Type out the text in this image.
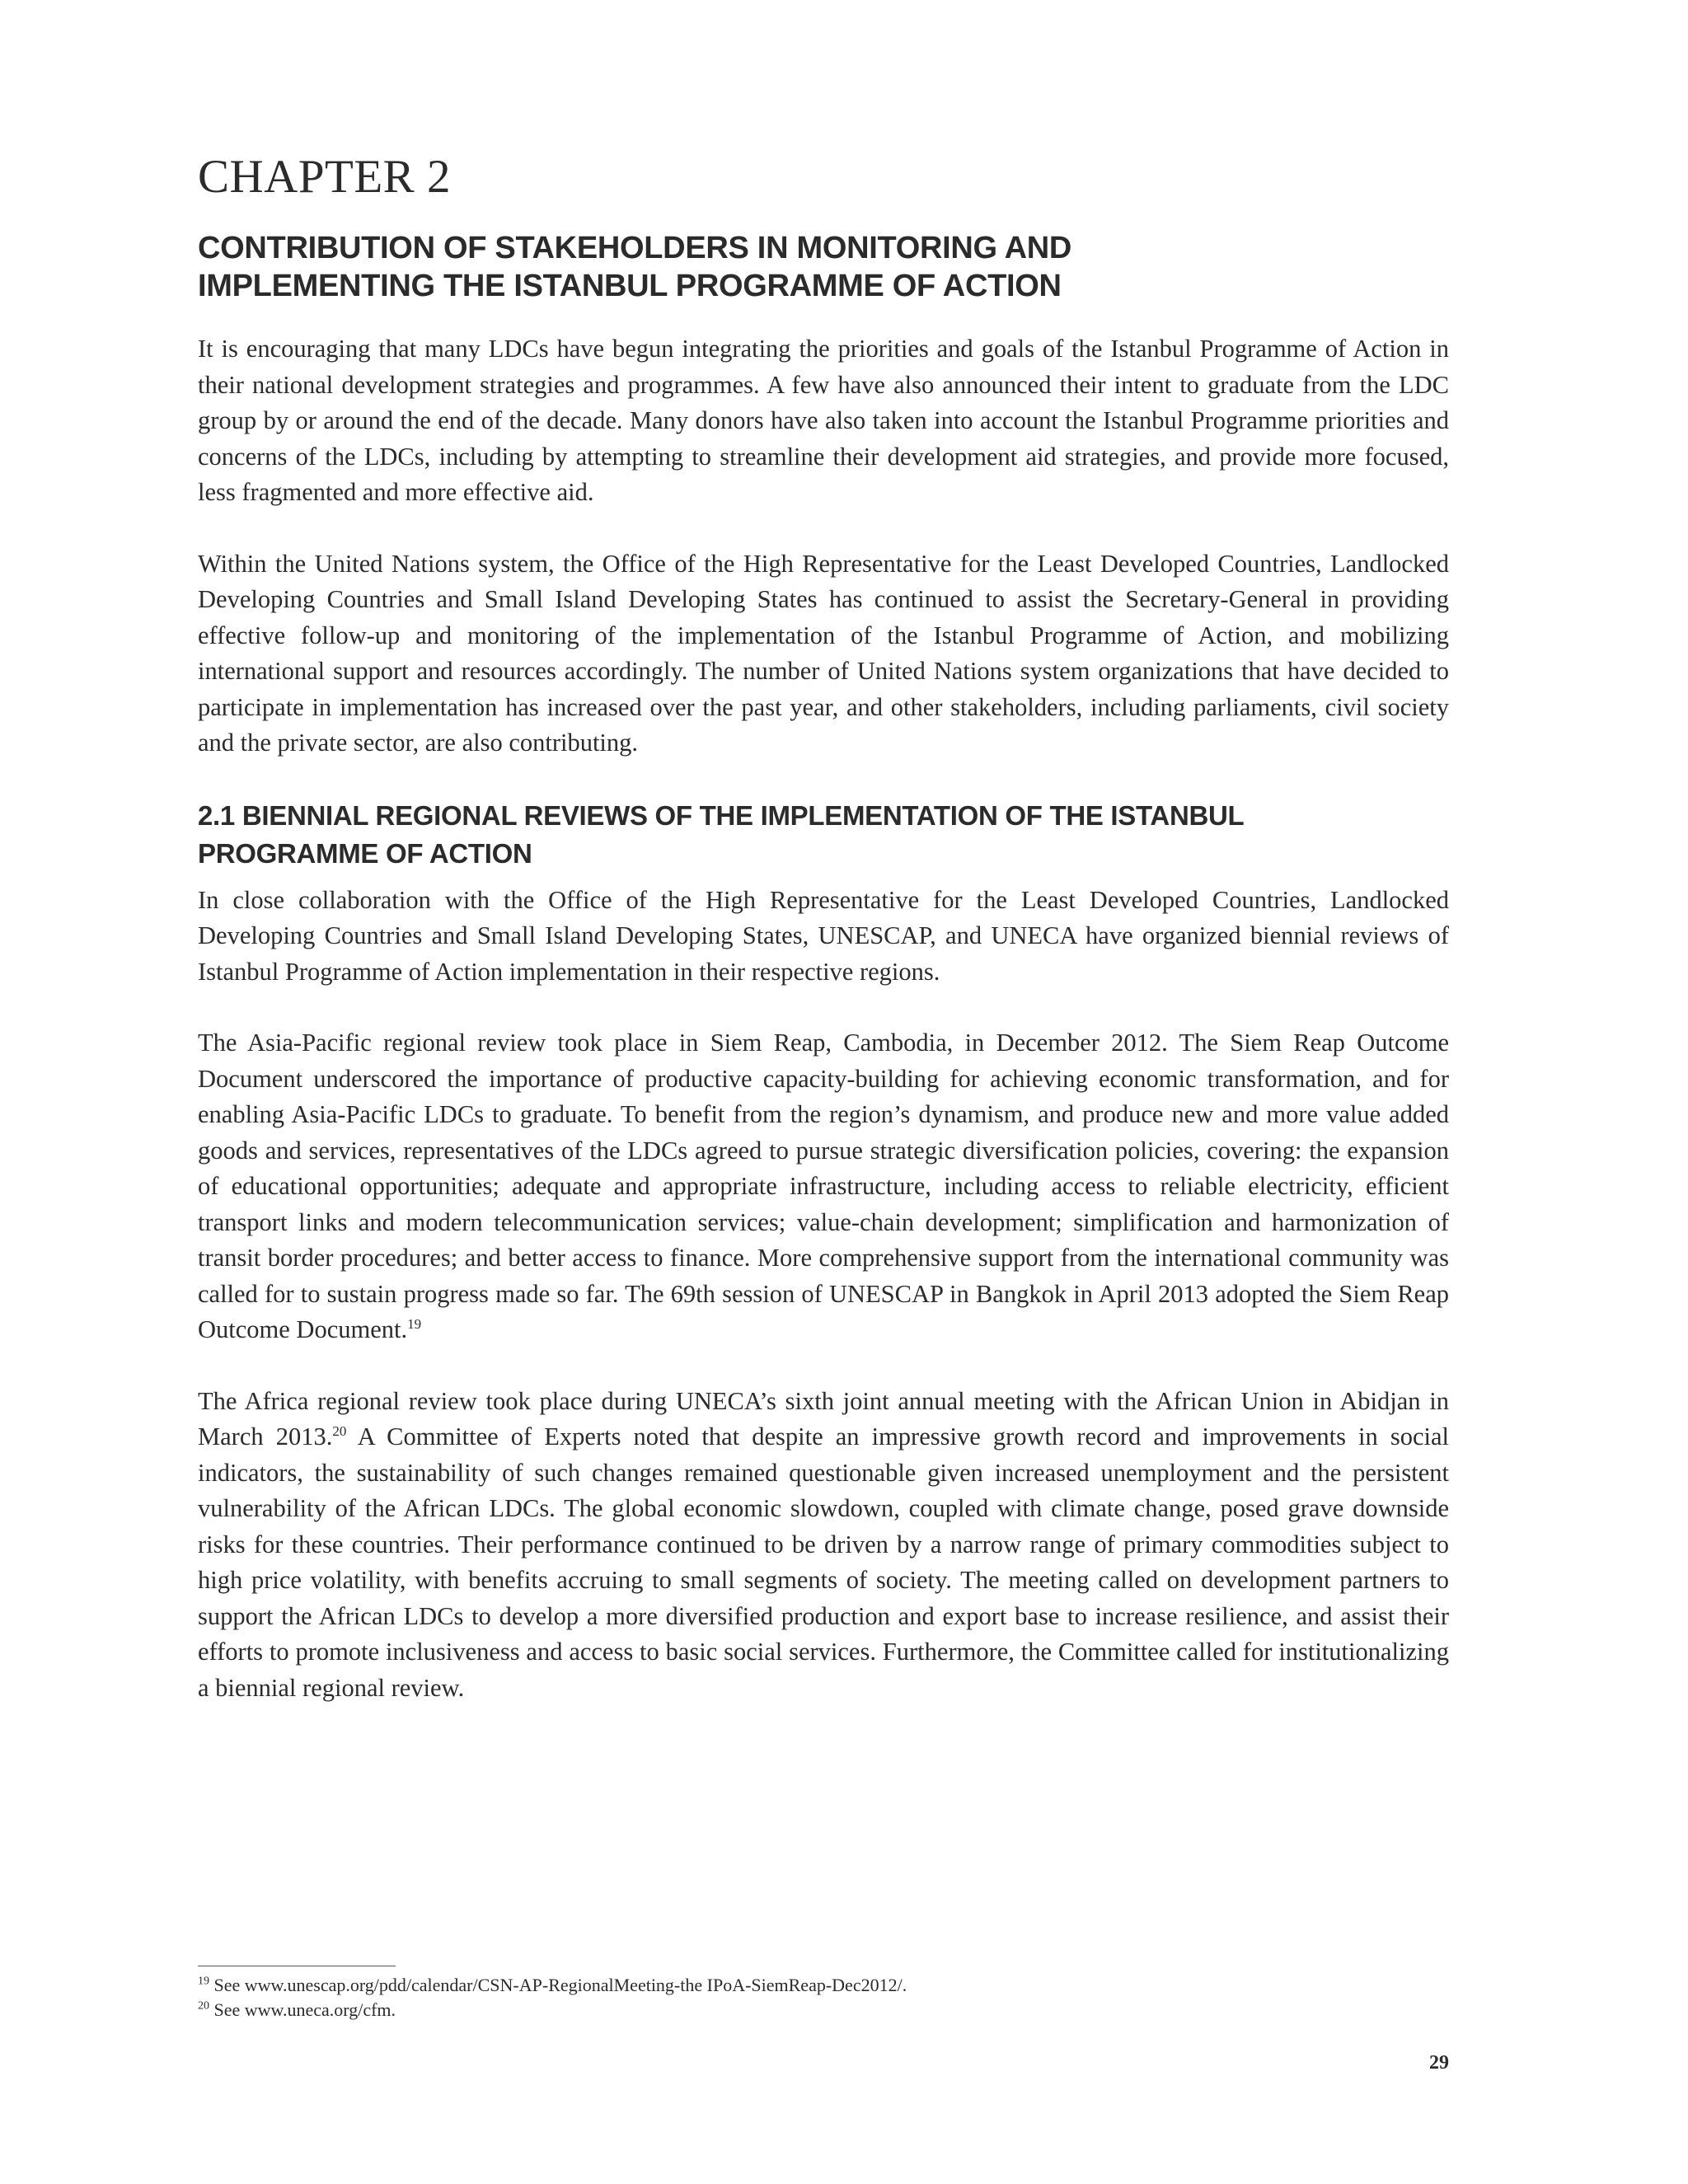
CHAPTER 2
CONTRIBUTION OF STAKEHOLDERS IN MONITORING AND
IMPLEMENTING THE ISTANBUL PROGRAMME OF ACTION

It is encouraging that many LDCs have begun integrating the priorities and goals of the Istanbul Programme of Action in their national development strategies and programmes. A few have also announced their intent to graduate from the LDC group by or around the end of the decade. Many donors have also taken into account the Istanbul Programme priorities and concerns of the LDCs, including by attempting to streamline their development aid strategies, and provide more focused, less fragmented and more effective aid.

Within the United Nations system, the Office of the High Representative for the Least Developed Countries, Landlocked Developing Countries and Small Island Developing States has continued to assist the Secretary-General in providing effective follow-up and monitoring of the implementation of the Istanbul Programme of Action, and mobilizing international support and resources accordingly. The number of United Nations system organizations that have decided to participate in implementation has increased over the past year, and other stakeholders, including parliaments, civil society and the private sector, are also contributing.

2.1 BIENNIAL REGIONAL REVIEWS OF THE IMPLEMENTATION OF THE ISTANBUL
PROGRAMME OF ACTION

In close collaboration with the Office of the High Representative for the Least Developed Countries, Landlocked Developing Countries and Small Island Developing States, UNESCAP, and UNECA have organized biennial reviews of Istanbul Programme of Action implementation in their respective regions.

The Asia-Pacific regional review took place in Siem Reap, Cambodia, in December 2012. The Siem Reap Outcome Document underscored the importance of productive capacity-building for achieving economic transformation, and for enabling Asia-Pacific LDCs to graduate. To benefit from the region’s dynamism, and produce new and more value added goods and services, representatives of the LDCs agreed to pursue strategic diversification policies, covering: the expansion of educational opportunities; adequate and appropriate infrastructure, including access to reliable electricity, efficient transport links and modern telecommunication services; value-chain development; simplification and harmonization of transit border procedures; and better access to finance. More comprehensive support from the international community was called for to sustain progress made so far. The 69th session of UNESCAP in Bangkok in April 2013 adopted the Siem Reap Outcome Document.$^{19}$

The Africa regional review took place during UNECA’s sixth joint annual meeting with the African Union in Abidjan in March 2013.20 A Committee of Experts noted that despite an impressive growth record and improvements in social indicators, the sustainability of such changes remained questionable given increased unemployment and the persistent vulnerability of the African LDCs. The global economic slowdown, coupled with climate change, posed grave downside risks for these countries. Their performance continued to be driven by a narrow range of primary commodities subject to high price volatility, with benefits accruing to small segments of society. The meeting called on development partners to support the African LDCs to develop a more diversified production and export base to increase resilience, and assist their efforts to promote inclusiveness and access to basic social services. Furthermore, the Committee called for institutionalizing a biennial regional review.

$^{19}$ See www.unescap.org/pdd/calendar/CSN-AP-RegionalMeeting-the IPoA-SiemReap-Dec2012/.
$^{20}$ See www.uneca.org/cfm.
29
